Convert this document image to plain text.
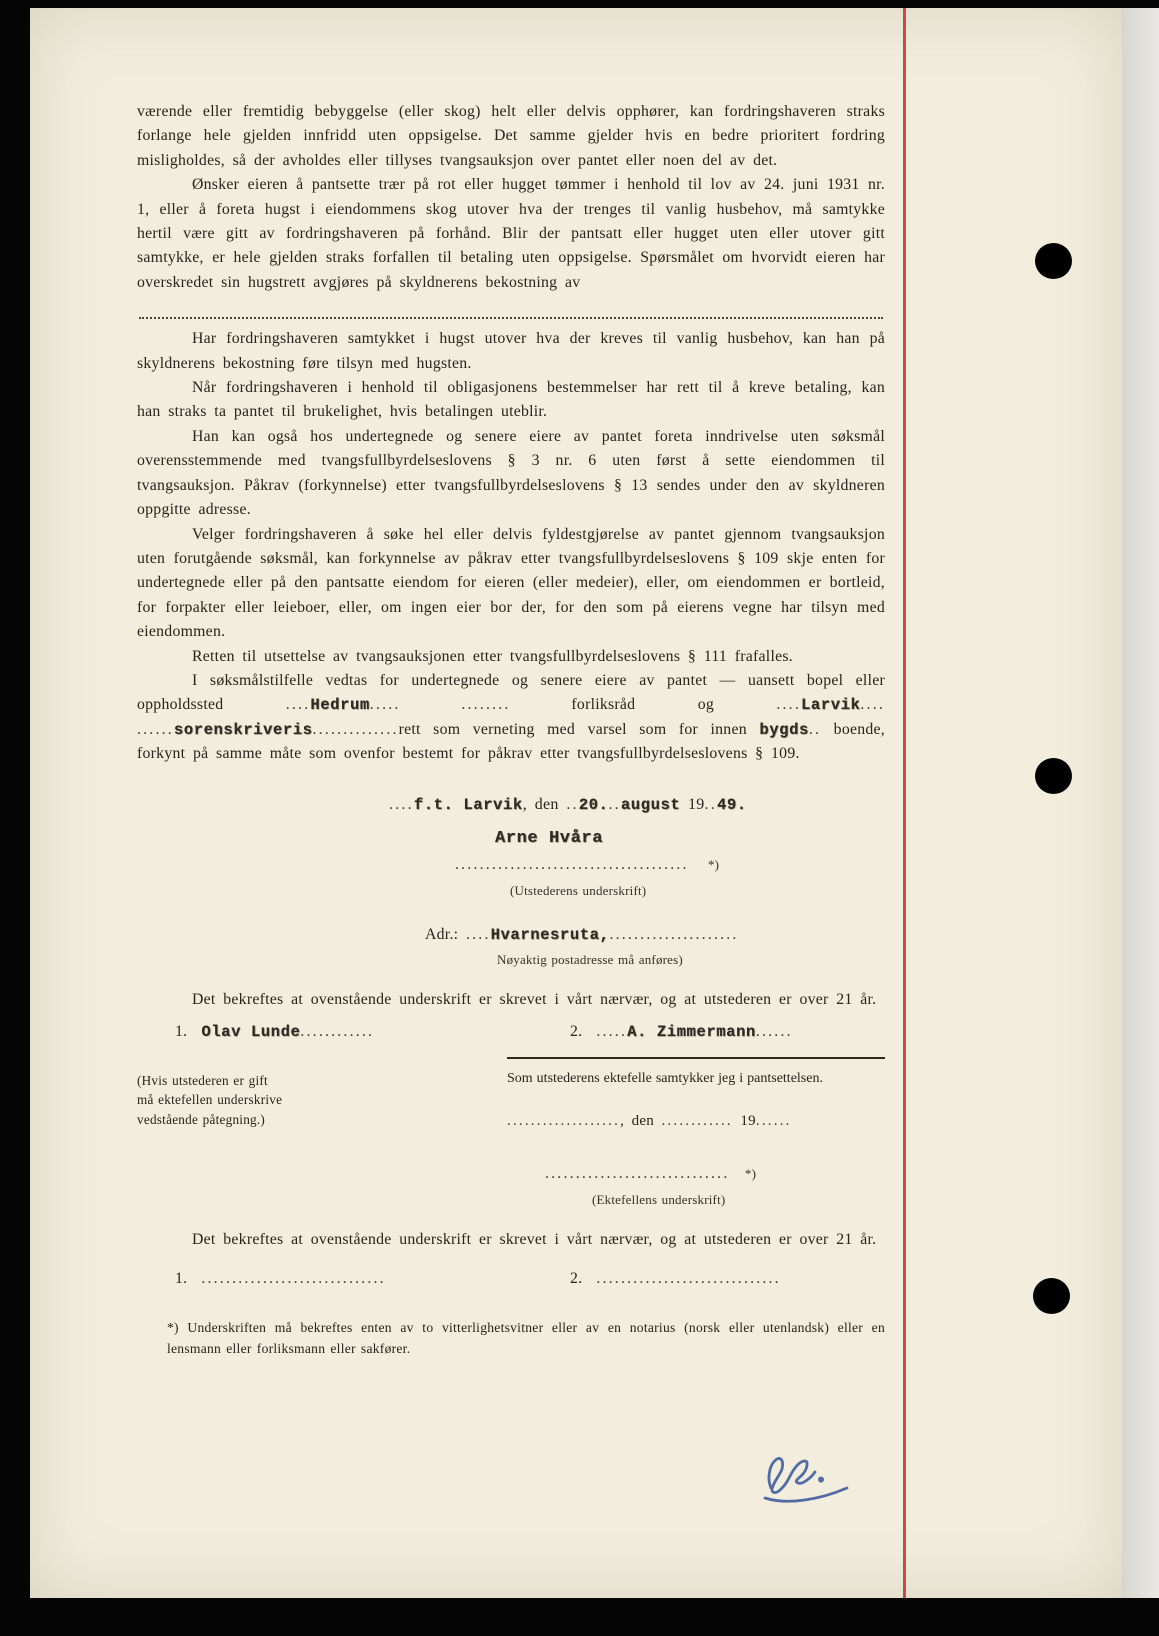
værende eller fremtidig bebyggelse (eller skog) helt eller delvis opphører, kan fordringshaveren straks forlange hele gjelden innfridd uten oppsigelse. Det samme gjelder hvis en bedre prioritert fordring misligholdes, så der avholdes eller tillyses tvangsauksjon over pantet eller noen del av det.
Ønsker eieren å pantsette trær på rot eller hugget tømmer i henhold til lov av 24. juni 1931 nr. 1, eller å foreta hugst i eiendommens skog utover hva der trenges til vanlig husbehov, må samtykke hertil være gitt av fordringshaveren på forhånd. Blir der pantsatt eller hugget uten eller utover gitt samtykke, er hele gjelden straks forfallen til betaling uten oppsigelse. Spørsmålet om hvorvidt eieren har overskredet sin hugstrett avgjøres på skyldnerens bekostning av
Har fordringshaveren samtykket i hugst utover hva der kreves til vanlig husbehov, kan han på skyldnerens bekostning føre tilsyn med hugsten.
Når fordringshaveren i henhold til obligasjonens bestemmelser har rett til å kreve betaling, kan han straks ta pantet til brukelighet, hvis betalingen uteblir.
Han kan også hos undertegnede og senere eiere av pantet foreta inndrivelse uten søksmål overensstemmende med tvangsfullbyrdelseslovens § 3 nr. 6 uten først å sette eiendommen til tvangsauksjon. Påkrav (forkynnelse) etter tvangsfullbyrdelseslovens § 13 sendes under den av skyldneren oppgitte adresse.
Velger fordringshaveren å søke hel eller delvis fyldestgjørelse av pantet gjennom tvangsauksjon uten forutgående søksmål, kan forkynnelse av påkrav etter tvangsfullbyrdelseslovens § 109 skje enten for undertegnede eller på den pantsatte eiendom for eieren (eller medeier), eller, om eiendommen er bortleid, for forpakter eller leieboer, eller, om ingen eier bor der, for den som på eierens vegne har tilsyn med eiendommen.
Retten til utsettelse av tvangsauksjonen etter tvangsfullbyrdelseslovens § 111 frafalles.
I søksmålstilfelle vedtas for undertegnede og senere eiere av pantet — uansett bopel eller oppholdssted ....Hedrum..... ........ forliksråd og ....Larvik.... ......sorenskriveris..............rett som verneting med varsel som for innen bygds.. boende, forkynt på samme måte som ovenfor bestemt for påkrav etter tvangsfullbyrdelseslovens § 109.
....f.t. Larvik, den ..20...august 19..49.
Arne Hvåra
...................................... *)
(Utstederens underskrift)
Adr.: ....Hvarnesruta,.....................
Nøyaktig postadresse må anføres)
Det bekreftes at ovenstående underskrift er skrevet i vårt nærvær, og at utstederen er over 21 år.
1. Olav Lunde............	2. .....A. Zimmermann......
(Hvis utstederen er gift
må ektefellen underskrive
vedstående påtegning.)
Som utstederens ektefelle samtykker jeg i pantsettelsen.
..................., den ............ 19......
.............................. *)
(Ektefellens underskrift)
Det bekreftes at ovenstående underskrift er skrevet i vårt nærvær, og at utstederen er over 21 år.
1. ..............................	2. ..............................
*) Underskriften må bekreftes enten av to vitterlighetsvitner eller av en notarius (norsk eller utenlandsk) eller en lensmann eller forliksmann eller sakfører.
